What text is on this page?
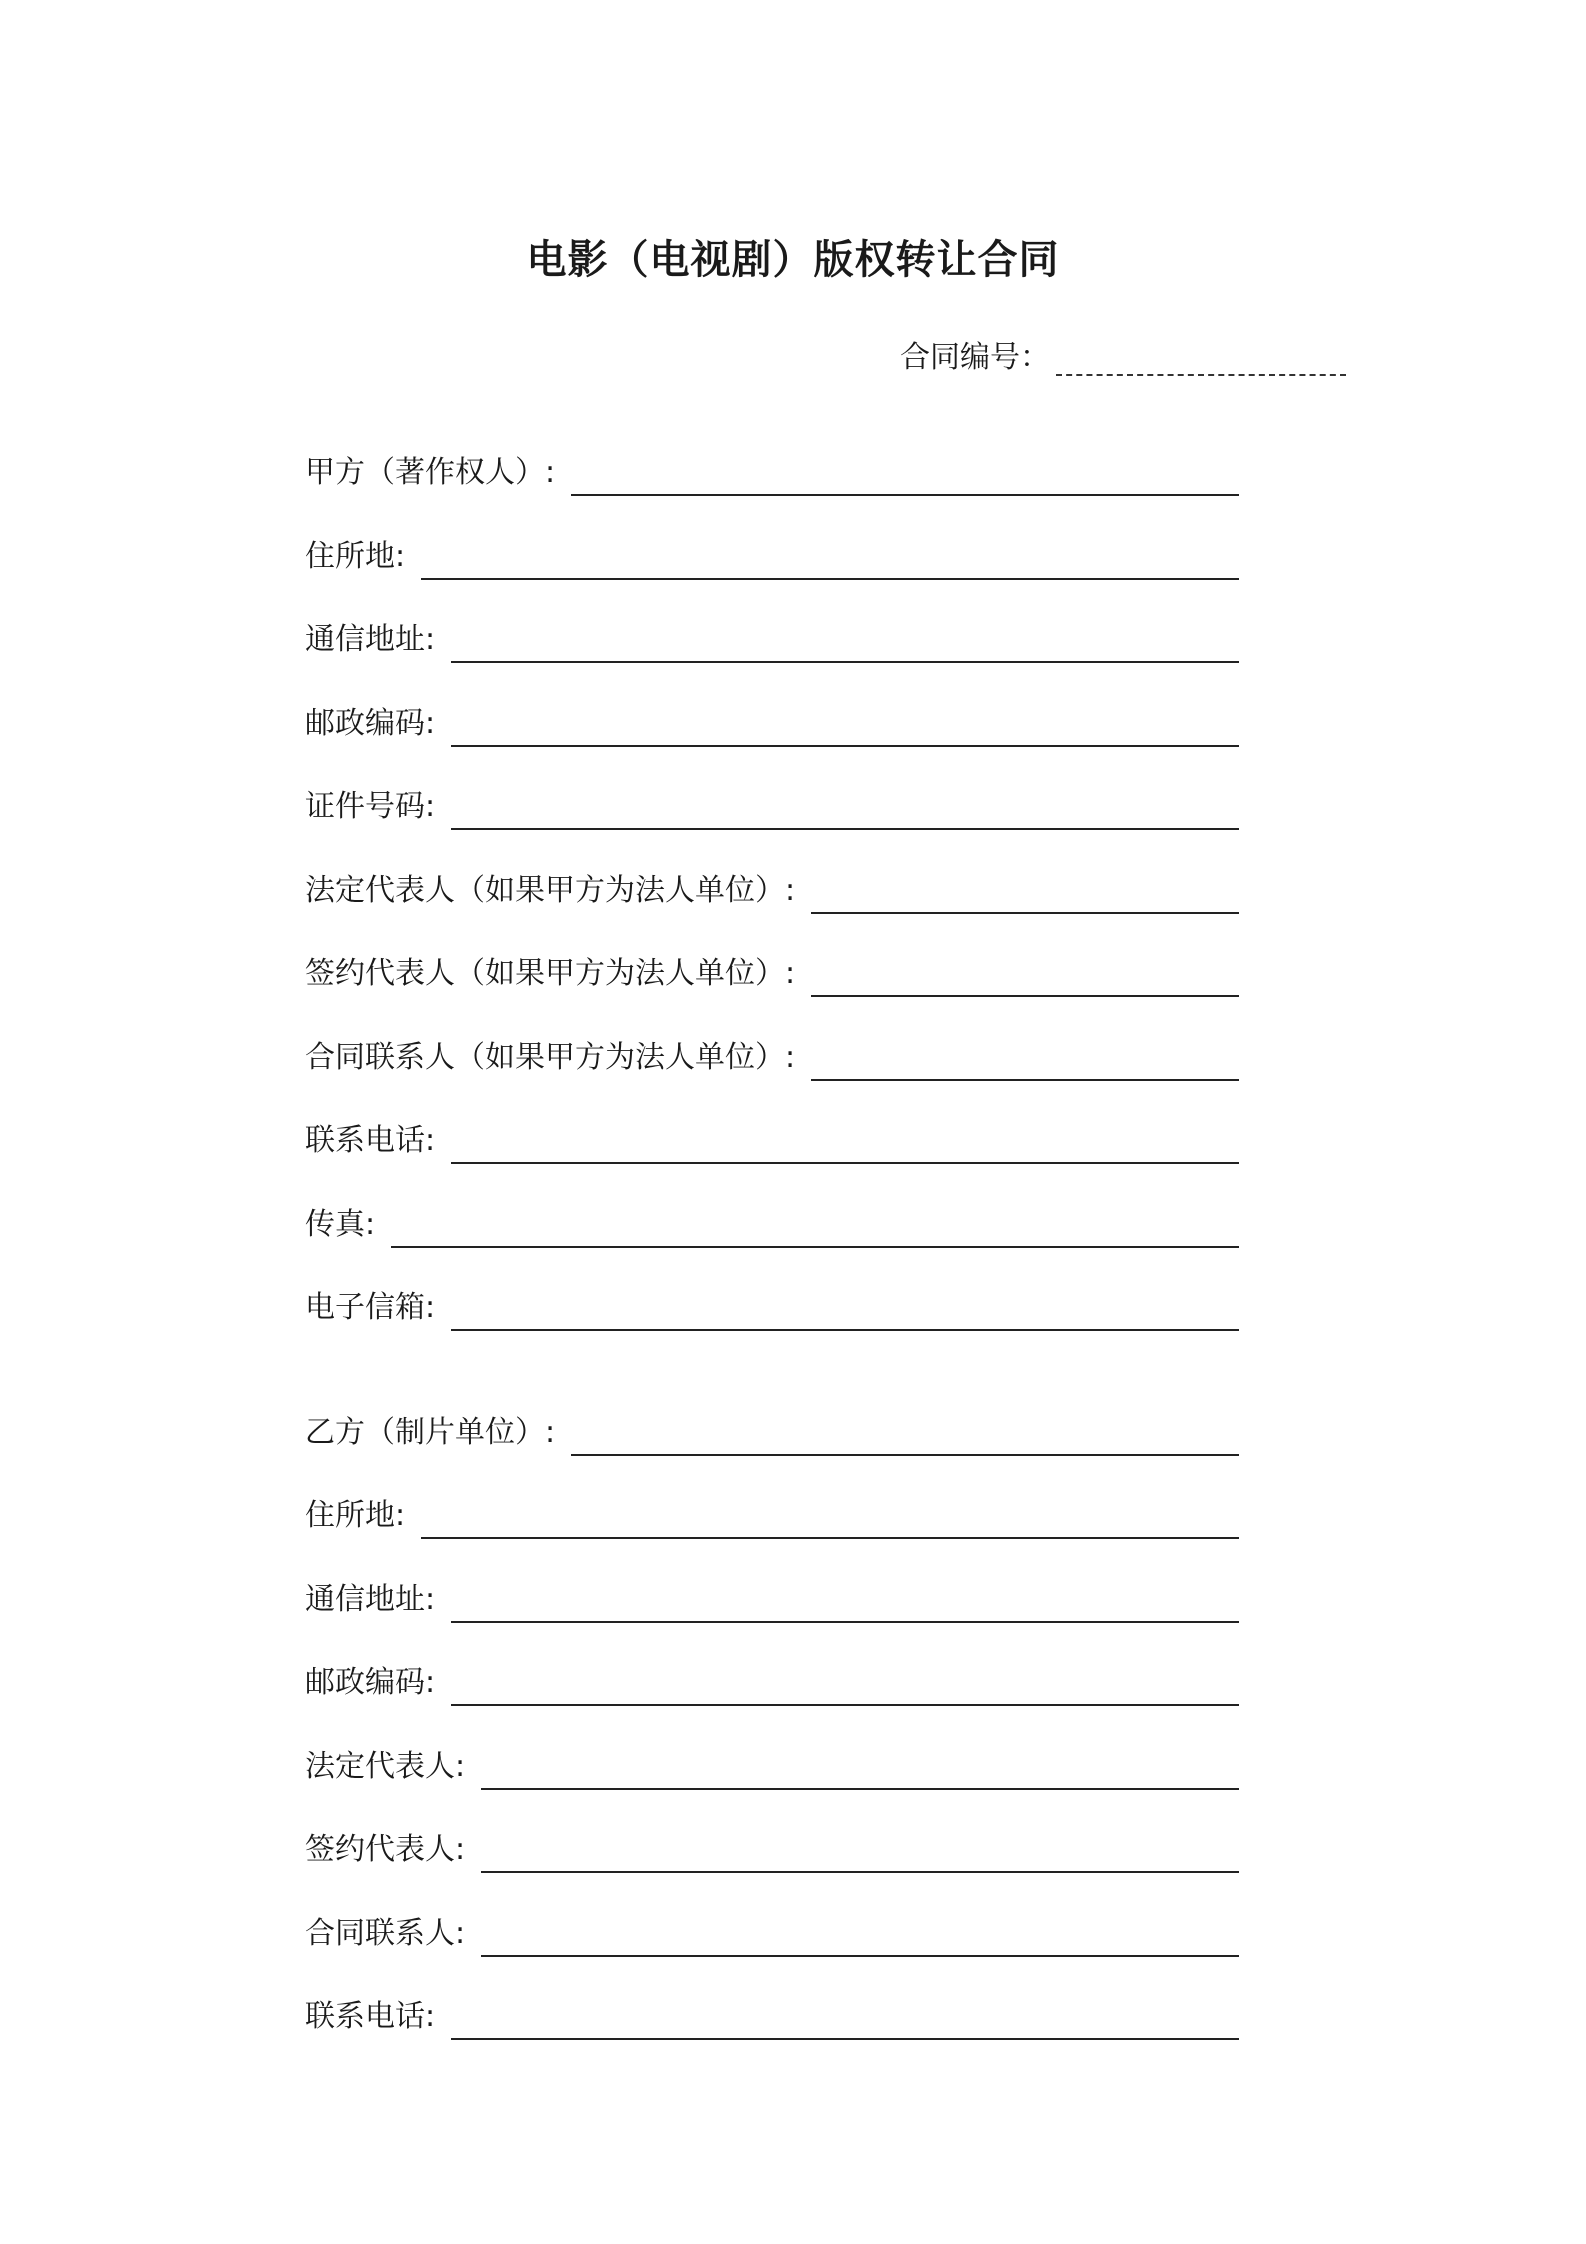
电影（电视剧）版权转让合同
合同编号：
甲方（著作权人）:
住所地:
通信地址:
邮政编码:
证件号码:
法定代表人（如果甲方为法人单位）:
签约代表人（如果甲方为法人单位）:
合同联系人（如果甲方为法人单位）:
联系电话:
传真:
电子信箱:
乙方（制片单位）:
住所地:
通信地址:
邮政编码:
法定代表人:
签约代表人:
合同联系人:
联系电话:
